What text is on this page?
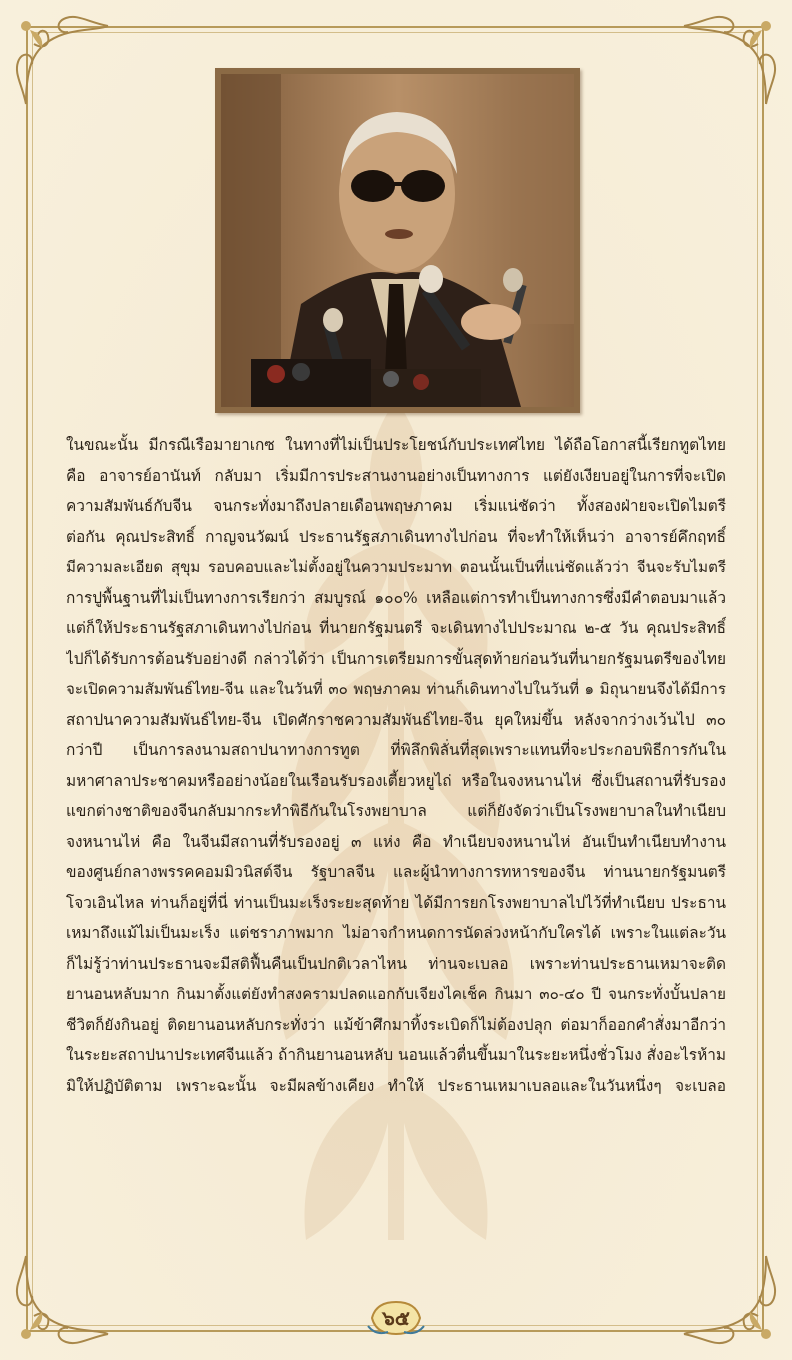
ในขณะนั้น มีกรณีเรือมายาเกซ ในทางที่ไม่เป็นประโยชน์กับประเทศไทย ได้ถือโอกาสนี้เรียกทูตไทย
คือ อาจารย์อานันท์ กลับมา เริ่มมีการประสานงานอย่างเป็นทางการ แต่ยังเงียบอยู่ในการที่จะเปิด
ความสัมพันธ์กับจีน จนกระทั่งมาถึงปลายเดือนพฤษภาคม เริ่มแน่ชัดว่า ทั้งสองฝ่ายจะเปิดไมตรี
ต่อกัน คุณประสิทธิ์ กาญจนวัฒน์ ประธานรัฐสภาเดินทางไปก่อน ที่จะทำให้เห็นว่า อาจารย์คึกฤทธิ์
มีความละเอียด สุขุม รอบคอบและไม่ตั้งอยู่ในความประมาท ตอนนั้นเป็นที่แน่ชัดแล้วว่า จีนจะรับไมตรี
การปูพื้นฐานที่ไม่เป็นทางการเรียกว่า สมบูรณ์ ๑๐๐% เหลือแต่การทำเป็นทางการซึ่งมีคำตอบมาแล้ว
แต่ก็ให้ประธานรัฐสภาเดินทางไปก่อน ที่นายกรัฐมนตรี จะเดินทางไปประมาณ ๒-๕ วัน คุณประสิทธิ์
ไปก็ได้รับการต้อนรับอย่างดี กล่าวได้ว่า เป็นการเตรียมการขั้นสุดท้ายก่อนวันที่นายกรัฐมนตรีของไทย
จะเปิดความสัมพันธ์ไทย-จีน และในวันที่ ๓๐ พฤษภาคม ท่านก็เดินทางไปในวันที่ ๑ มิถุนายนจึงได้มีการ
สถาปนาความสัมพันธ์ไทย-จีน เปิดศักราชความสัมพันธ์ไทย-จีน ยุคใหม่ขึ้น หลังจากว่างเว้นไป ๓๐
กว่าปี เป็นการลงนามสถาปนาทางการทูต ที่พิลึกพิลั่นที่สุดเพราะแทนที่จะประกอบพิธีการกันใน
มหาศาลาประชาคมหรืออย่างน้อยในเรือนรับรองเตี้ยวหยูไถ่ หรือในจงหนานไห่ ซึ่งเป็นสถานที่รับรอง
แขกต่างชาติของจีนกลับมากระทำพิธีกันในโรงพยาบาล แต่ก็ยังจัดว่าเป็นโรงพยาบาลในทำเนียบ
จงหนานไห่ คือ ในจีนมีสถานที่รับรองอยู่ ๓ แห่ง คือ ทำเนียบจงหนานไห่ อันเป็นทำเนียบทำงาน
ของศูนย์กลางพรรคคอมมิวนิสต์จีน รัฐบาลจีน และผู้นำทางการทหารของจีน ท่านนายกรัฐมนตรี
โจวเอินไหล ท่านก็อยู่ที่นี่ ท่านเป็นมะเร็งระยะสุดท้าย ได้มีการยกโรงพยาบาลไปไว้ที่ทำเนียบ ประธาน
เหมาถึงแม้ไม่เป็นมะเร็ง แต่ชราภาพมาก ไม่อาจกำหนดการนัดล่วงหน้ากับใครได้ เพราะในแต่ละวัน
ก็ไม่รู้ว่าท่านประธานจะมีสติฟื้นคืนเป็นปกติเวลาไหน ท่านจะเบลอ เพราะท่านประธานเหมาจะติด
ยานอนหลับมาก กินมาตั้งแต่ยังทำสงครามปลดแอกกับเจียงไคเช็ค กินมา ๓๐-๔๐ ปี จนกระทั่งบั้นปลาย
ชีวิตก็ยังกินอยู่ ติดยานอนหลับกระทั่งว่า แม้ข้าศึกมาทิ้งระเบิดก็ไม่ต้องปลุก ต่อมาก็ออกคำสั่งมาอีกว่า
ในระยะสถาปนาประเทศจีนแล้ว ถ้ากินยานอนหลับ นอนแล้วตื่นขึ้นมาในระยะหนึ่งชั่วโมง สั่งอะไรห้าม
มิให้ปฏิบัติตาม เพราะฉะนั้น จะมีผลข้างเคียง ทำให้ ประธานเหมาเบลอและในวันหนึ่งๆ จะเบลอ
๖๕
